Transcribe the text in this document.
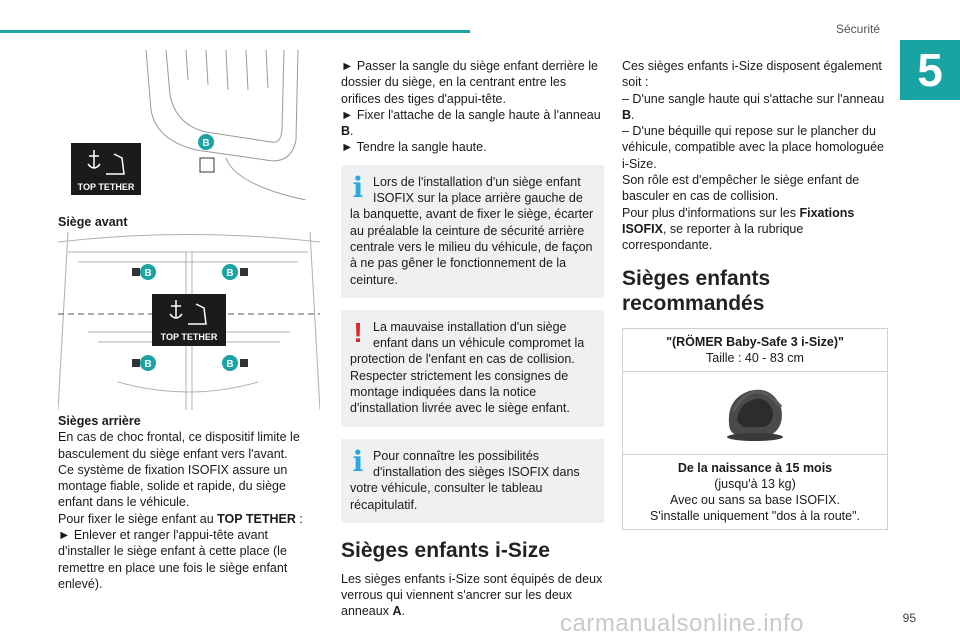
Sécurité
5
TOP TETHER
B
B	B
B	B
TOP TETHER

Siège avant

Sièges arrière

En cas de choc frontal, ce dispositif limite le basculement du siège enfant vers l'avant.

Ce système de fixation ISOFIX assure un montage fiable, solide et rapide, du siège enfant dans le véhicule.

Pour fixer le siège enfant au TOP TETHER :

► Enlever et ranger l'appui-tête avant d'installer le siège enfant à cette place (le remettre en place une fois le siège enfant enlevé).

► Passer la sangle du siège enfant derrière le dossier du siège, en la centrant entre les orifices des tiges d'appui-tête.

► Fixer l'attache de la sangle haute à l'anneau B.

► Tendre la sangle haute.

i Lors de l'installation d'un siège enfant ISOFIX sur la place arrière gauche de la banquette, avant de fixer le siège, écarter au préalable la ceinture de sécurité arrière centrale vers le milieu du véhicule, de façon à ne pas gêner le fonctionnement de la ceinture.
! La mauvaise installation d'un siège enfant dans un véhicule compromet la protection de l'enfant en cas de collision.

Respecter strictement les consignes de montage indiquées dans la notice d'installation livrée avec le siège enfant.

i Pour connaître les possibilités d'installation des sièges ISOFIX dans votre véhicule, consulter le tableau récapitulatif.
Sièges enfants i-Size

Les sièges enfants i-Size sont équipés de deux verrous qui viennent s'ancrer sur les deux anneaux A.

Ces sièges enfants i-Size disposent également soit :

– D'une sangle haute qui s'attache sur l'anneau B.

– D'une béquille qui repose sur le plancher du véhicule, compatible avec la place homologuée i-Size.

Son rôle est d'empêcher le siège enfant de basculer en cas de collision.

Pour plus d'informations sur les Fixations ISOFIX, se reporter à la rubrique correspondante.

Sièges enfants recommandés
"(RÖMER Baby-Safe 3 i-Size)"
Taille : 40 - 83 cm
De la naissance à 15 mois
(jusqu'à 13 kg)
Avec ou sans sa base ISOFIX.
S'installe uniquement "dos à la route".
carmanualsonline.info	95
